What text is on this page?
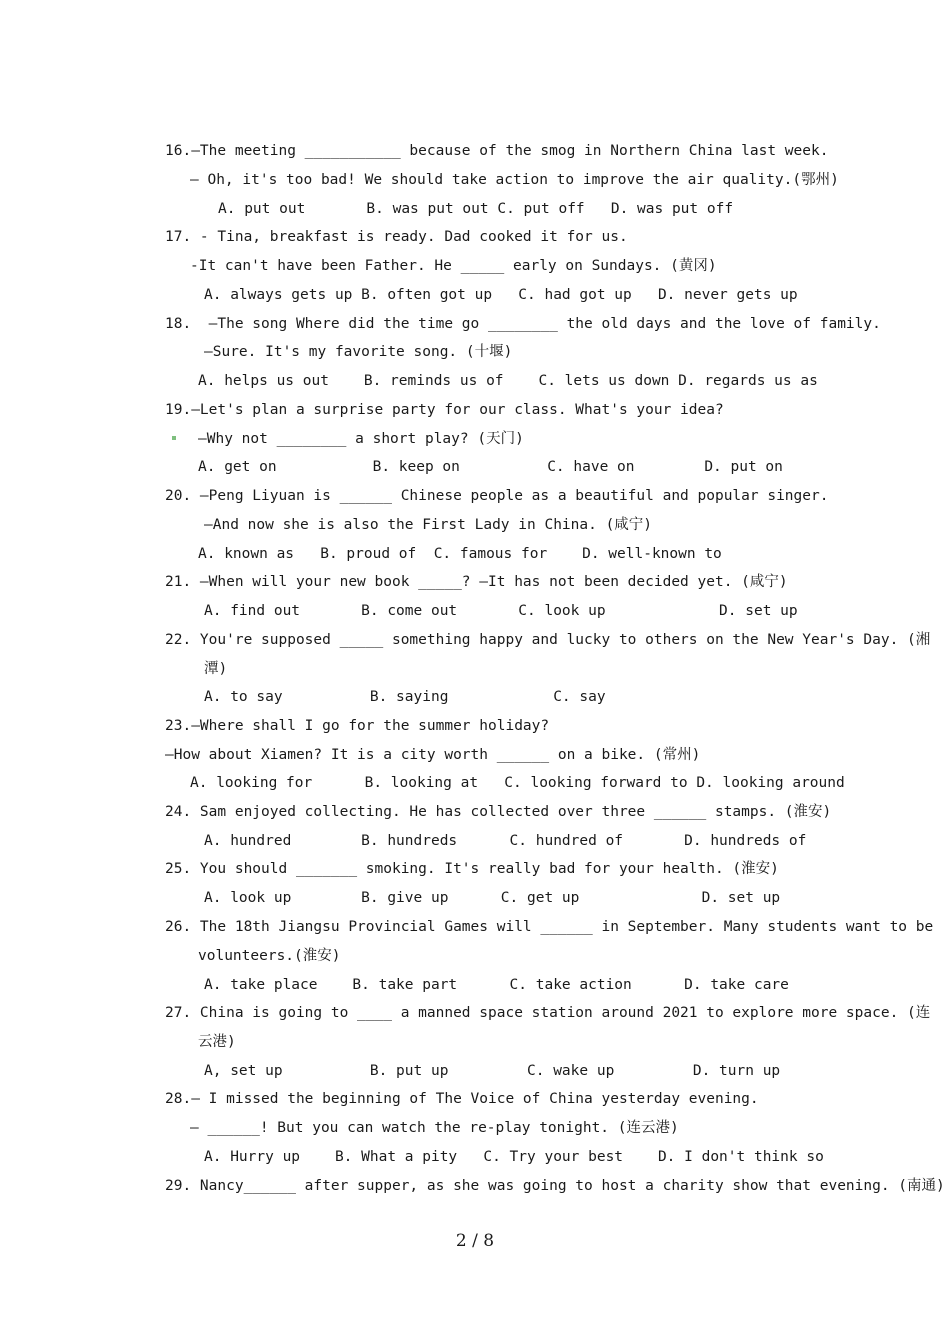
16.—The meeting ___________ because of the smog in Northern China last week.
— Oh, it's too bad! We should take action to improve the air quality.(鄂州)
A. put out       B. was put out C. put off   D. was put off
17. - Tina, breakfast is ready. Dad cooked it for us.
-It can't have been Father. He _____ early on Sundays. (黄冈)
A. always gets up B. often got up   C. had got up   D. never gets up
18.  —The song Where did the time go ________ the old days and the love of family.
—Sure. It's my favorite song. (十堰)
A. helps us out    B. reminds us of    C. lets us down D. regards us as
19.—Let's plan a surprise party for our class. What's your idea?
—Why not ________ a short play? (天门)
A. get on           B. keep on          C. have on        D. put on
20. —Peng Liyuan is ______ Chinese people as a beautiful and popular singer.
—And now she is also the First Lady in China. (咸宁)
A. known as   B. proud of  C. famous for    D. well-known to
21. —When will your new book _____? —It has not been decided yet. (咸宁)
A. find out       B. come out       C. look up             D. set up
22. You're supposed _____ something happy and lucky to others on the New Year's Day. (湘
潭)
A. to say          B. saying            C. say
23.—Where shall I go for the summer holiday?
—How about Xiamen? It is a city worth ______ on a bike. (常州)
A. looking for      B. looking at   C. looking forward to D. looking around
24. Sam enjoyed collecting. He has collected over three ______ stamps. (淮安)
A. hundred        B. hundreds      C. hundred of       D. hundreds of
25. You should _______ smoking. It's really bad for your health. (淮安)
A. look up        B. give up      C. get up              D. set up
26. The 18th Jiangsu Provincial Games will ______ in September. Many students want to be
volunteers.(淮安)
A. take place    B. take part      C. take action      D. take care
27. China is going to ____ a manned space station around 2021 to explore more space. (连
云港)
A, set up          B. put up         C. wake up         D. turn up
28.— I missed the beginning of The Voice of China yesterday evening.
— ______! But you can watch the re-play tonight. (连云港)
A. Hurry up    B. What a pity   C. Try your best    D. I don't think so
29. Nancy______ after supper, as she was going to host a charity show that evening. (南通)
2 / 8
